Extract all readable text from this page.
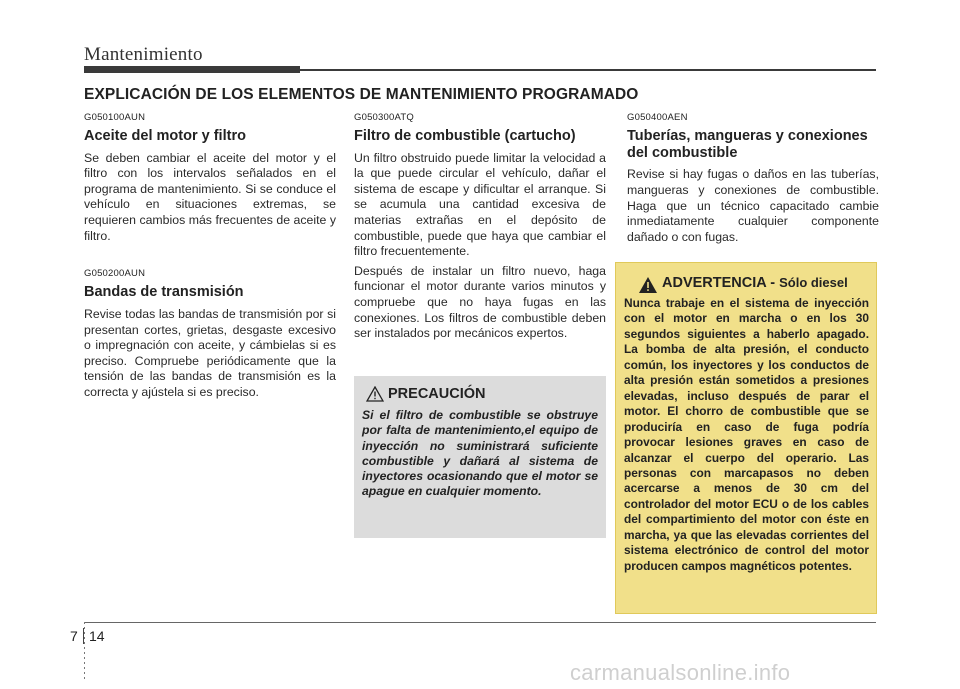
Mantenimiento
EXPLICACIÓN DE LOS ELEMENTOS DE MANTENIMIENTO PROGRAMADO
G050100AUN
Aceite del motor y filtro

Se deben cambiar el aceite del motor y el filtro con los intervalos señalados en el programa de mantenimiento. Si se conduce el vehículo en situaciones extremas, se requieren cambios más frecuentes de aceite y filtro.

G050200AUN
Bandas de transmisión

Revise todas las bandas de transmisión por si presentan cortes, grietas, desgaste excesivo o impregnación con aceite, y cámbielas si es preciso. Compruebe periódicamente que la tensión de las bandas de transmisión es la correcta y ajústela si es preciso.

G050300ATQ
Filtro de combustible (cartucho)

Un filtro obstruido puede limitar la velocidad a la que puede circular el vehículo, dañar el sistema de escape y dificultar el arranque. Si se acumula una cantidad excesiva de materias extrañas en el depósito de combustible, puede que haya que cambiar el filtro frecuentemente.

Después de instalar un filtro nuevo, haga funcionar el motor durante varios minutos y compruebe que no haya fugas en las conexiones. Los filtros de combustible deben ser instalados por mecánicos expertos.

PRECAUCIÓN
Si el filtro de combustible se obstruye por falta de mantenimiento,el equipo de inyección no suministrará suficiente combustible y dañará al sistema de inyectores ocasionando que el motor se apague en cualquier momento.
G050400AEN
Tuberías, mangueras y conexiones del combustible

Revise si hay fugas o daños en las tuberías, mangueras y conexiones de combustible. Haga que un técnico capacitado cambie inmediatamente cualquier componente dañado o con fugas.

ADVERTENCIA - Sólo diesel
Nunca trabaje en el sistema de inyección con el motor en marcha o en los 30 segundos siguientes a haberlo apagado. La bomba de alta presión, el conducto común, los inyectores y los conductos de alta presión están sometidos a presiones elevadas, incluso después de parar el motor. El chorro de combustible que se produciría en caso de fuga podría provocar lesiones graves en caso de alcanzar el cuerpo del operario. Las personas con marcapasos no deben acercarse a menos de 30 cm del controlador del motor ECU o de los cables del compartimiento del motor con éste en marcha, ya que las elevadas corrientes del sistema electrónico de control del motor producen campos magnéticos potentes.
7 14
carmanualsonline.info
